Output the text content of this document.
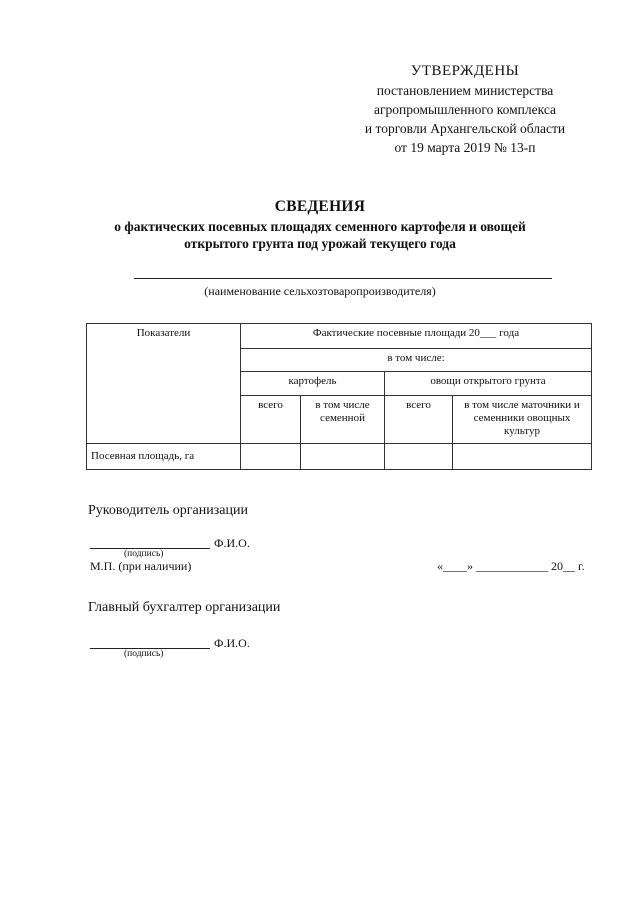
УТВЕРЖДЕНЫ
постановлением министерства
агропромышленного комплекса
и торговли Архангельской области
от 19 марта 2019 № 13-п
СВЕДЕНИЯ
о фактических посевных площадях семенного картофеля и овощей
открытого грунта под урожай текущего года
(наименование сельхозтоваропроизводителя)
Показатели	Фактические посевные площади 20___ года			
	в том числе:			
	картофель		овощи открытого грунта	
	всего	в том числе семенной	всего	в том числе маточники и семенники овощных культур
Посевная площадь, га				
Руководитель организации
Ф.И.О.
(подпись)
М.П. (при наличии)	«____» ____________ 20__ г.
Главный бухгалтер организации
Ф.И.О.
(подпись)
